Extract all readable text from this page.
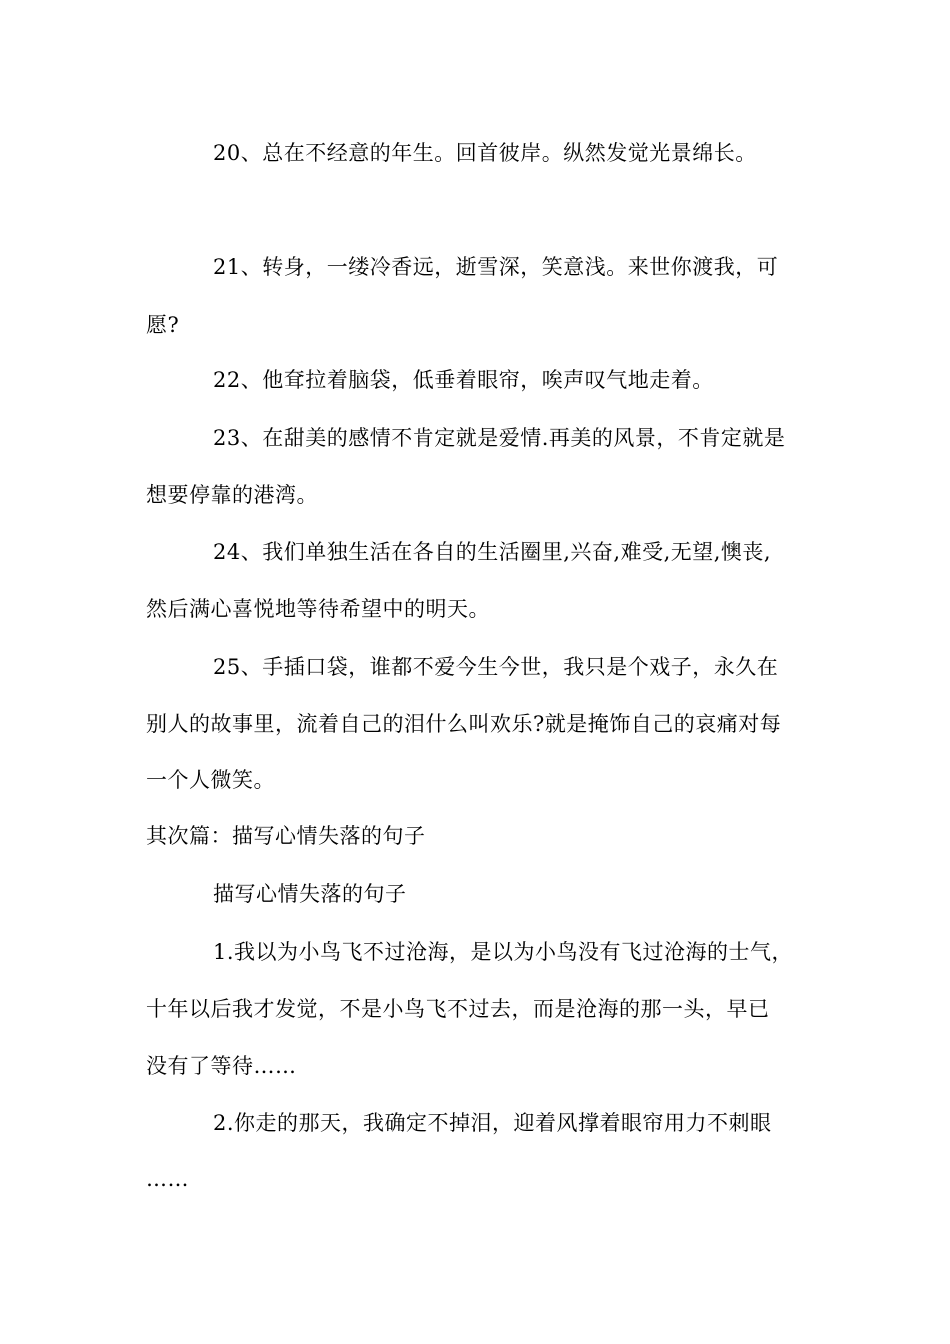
20、总在不经意的年生。回首彼岸。纵然发觉光景绵长。

21、转身，一缕冷香远，逝雪深，笑意浅。来世你渡我，可

愿?

22、他耷拉着脑袋，低垂着眼帘，唉声叹气地走着。

23、在甜美的感情不肯定就是爱情.再美的风景，不肯定就是

想要停靠的港湾。

24、我们单独生活在各自的生活圈里,兴奋,难受,无望,懊丧,

然后满心喜悦地等待希望中的明天。

25、手插口袋，谁都不爱今生今世，我只是个戏子，永久在

别人的故事里，流着自己的泪什么叫欢乐?就是掩饰自己的哀痛对每

一个人微笑。

其次篇：描写心情失落的句子

描写心情失落的句子

1.我以为小鸟飞不过沧海，是以为小鸟没有飞过沧海的士气，

十年以后我才发觉，不是小鸟飞不过去，而是沧海的那一头，早已

没有了等待……

2.你走的那天，我确定不掉泪，迎着风撑着眼帘用力不刺眼

……
